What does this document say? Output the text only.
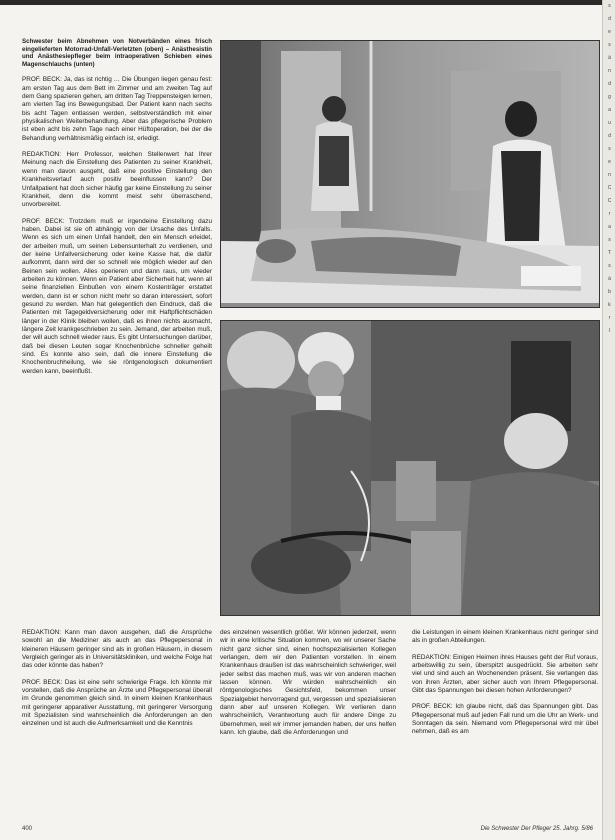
Schwester beim Abnehmen von Notverbänden eines frisch eingelieferten Motorrad-Unfall-Verletzten (oben) – Anästhesistin und Anästhesiepfleger beim intraoperativen Schieben eines Magenschlauchs (unten)

PROF. BECK: Ja, das ist richtig … Die Übungen liegen genau fest: am ersten Tag aus dem Bett im Zimmer und am zweiten Tag auf dem Gang spazieren gehen, am dritten Tag Treppensteigen lernen, am vierten Tag ins Bewegungsbad. Der Patient kann nach sechs bis acht Tagen entlassen werden, selbstverständlich mit einer physikalischen Weiterbehandlung. Aber das pflegerische Problem ist eben acht bis zehn Tage nach einer Hüftoperation, bei der die Behandlung verhältnismäßig einfach ist, erledigt.

REDAKTION: Herr Professor, welchen Stellenwert hat Ihrer Meinung nach die Einstellung des Patienten zu seiner Krankheit, wenn man davon ausgeht, daß eine positive Einstellung den Krankheitsverlauf auch positiv beeinflussen kann? Der Unfallpatient hat doch sicher häufig gar keine Einstellung zu seiner Krankheit, denn die kommt meist sehr überraschend, unvorbereitet.

PROF. BECK: Trotzdem muß er irgendeine Einstellung dazu haben. Dabei ist sie oft abhängig von der Ursache des Unfalls. Wenn es sich um einen Unfall handelt, den ein Mensch erleidet, der arbeiten muß, um seinen Lebensunterhalt zu verdienen, und der keine Unfallversicherung oder keine Kasse hat, die dafür aufkommt, dann wird der so schnell wie möglich wieder auf den Beinen sein wollen. Alles operieren und dann raus, um wieder arbeiten zu können. Wenn ein Patient aber Sicherheit hat, wenn all seine finanziellen Einbußen von einem Kostenträger erstattet werden, dann ist er schon nicht mehr so daran interessiert, sofort gesund zu werden. Man hat gelegentlich den Eindruck, daß die Patienten mit Tagegeldversicherung oder mit Haftpflichtschäden länger in der Klinik bleiben wollen, daß es ihnen nichts ausmacht, längere Zeit krankgeschrieben zu sein. Jemand, der arbeiten muß, der will auch schnell wieder raus. Es gibt Untersuchungen darüber, daß bei diesen Leuten sogar Knochenbrüche schneller geheilt sind. Es konnte also sein, daß die innere Einstellung die Knochenbruchheilung, wie sie röntgenologisch dokumentiert werden kann, beeinflußt.

REDAKTION: Kann man davon ausgehen, daß die Ansprüche sowohl an die Mediziner als auch an das Pflegepersonal in kleineren Häusern geringer sind als in großen Häusern, in diesem Vergleich geringer als in Universitätskliniken, und welche Folge hat das oder könnte das haben?

PROF. BECK: Das ist eine sehr schwierige Frage. Ich könnte mir vorstellen, daß die Ansprüche an Ärzte und Pflegepersonal überall im Grunde genommen gleich sind. In einem kleinen Krankenhaus mit geringerer apparativer Ausstattung, mit geringerer Versorgung mit Spezialisten sind wahrscheinlich die Anforderungen an den einzelnen und ist auch die Aufmerksamkeit und die Kenntnis

des einzelnen wesentlich größer. Wir können jederzeit, wenn wir in eine kritische Situation kommen, wo wir unserer Sache nicht ganz sicher sind, einen hochspezialisierten Kollegen verlangen, dem wir den Patienten vorstellen. In einem Krankenhaus draußen ist das wahrscheinlich schwieriger, weil jeder selbst das machen muß, was wir von anderen machen lassen können. Wir würden wahrscheinlich ein röntgenologisches Gesichtsfeld, bekommen unser Spezialgebiet hervorragend gut, vergessen und spezialisieren dann aber auf unseren Kollegen. Wir verlieren dann wahrscheinlich, Verantwortung auch für andere Dinge zu übernehmen, weil wir immer jemanden haben, der uns helfen kann. Ich glaube, daß die Anforderungen und

die Leistungen in einem kleinen Krankenhaus nicht geringer sind als in großen Abteilungen.

REDAKTION: Einigen Heimen ihres Hauses geht der Ruf voraus, arbeitswillig zu sein, überspitzt ausgedrückt. Sie arbeiten sehr viel und sind auch an Wochenenden präsent. Sie verlangen das von ihren Ärzten, aber sicher auch von Ihrem Pflegepersonal. Gibt das Spannungen bei diesen hohen Anforderungen?

PROF. BECK: Ich glaube nicht, daß das Spannungen gibt. Das Pflegepersonal muß auf jeden Fall rund um die Uhr an Werk- und Sonntagen da sein. Niemand vom Pflegepersonal wird mir übel nehmen, daß es am

s
d
e
s
ä
n
d
g
a
u
d
s
e
n
C
C
r
a
s
T
s
ä
b
k
r
l
400	Die Schwester Der Pfleger 25. Jahrg. 5/86
